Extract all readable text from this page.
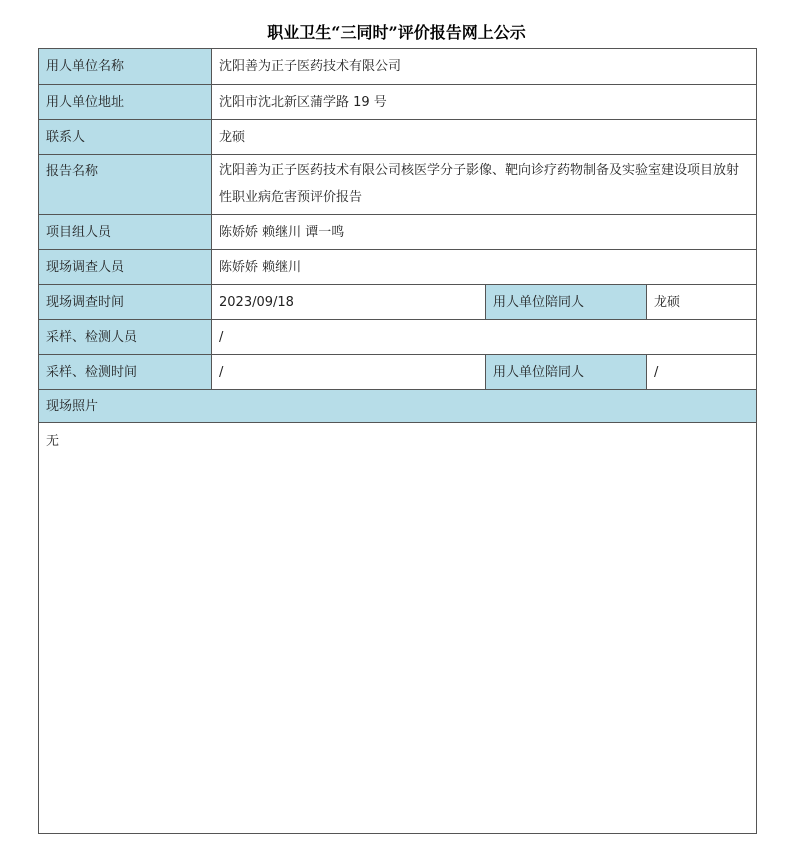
职业卫生“三同时”评价报告网上公示
用人单位名称	沈阳善为正子医药技术有限公司
用人单位地址	沈阳市沈北新区蒲学路 19 号
联系人	龙硕
报告名称	沈阳善为正子医药技术有限公司核医学分子影像、靶向诊疗药物制备及实验室建设项目放射性职业病危害预评价报告
项目组人员	陈娇娇 赖继川 谭一鸣
现场调查人员	陈娇娇 赖继川
现场调查时间	2023/09/18	用人单位陪同人	龙硕
采样、检测人员	/
采样、检测时间	/	用人单位陪同人	/
现场照片
无
